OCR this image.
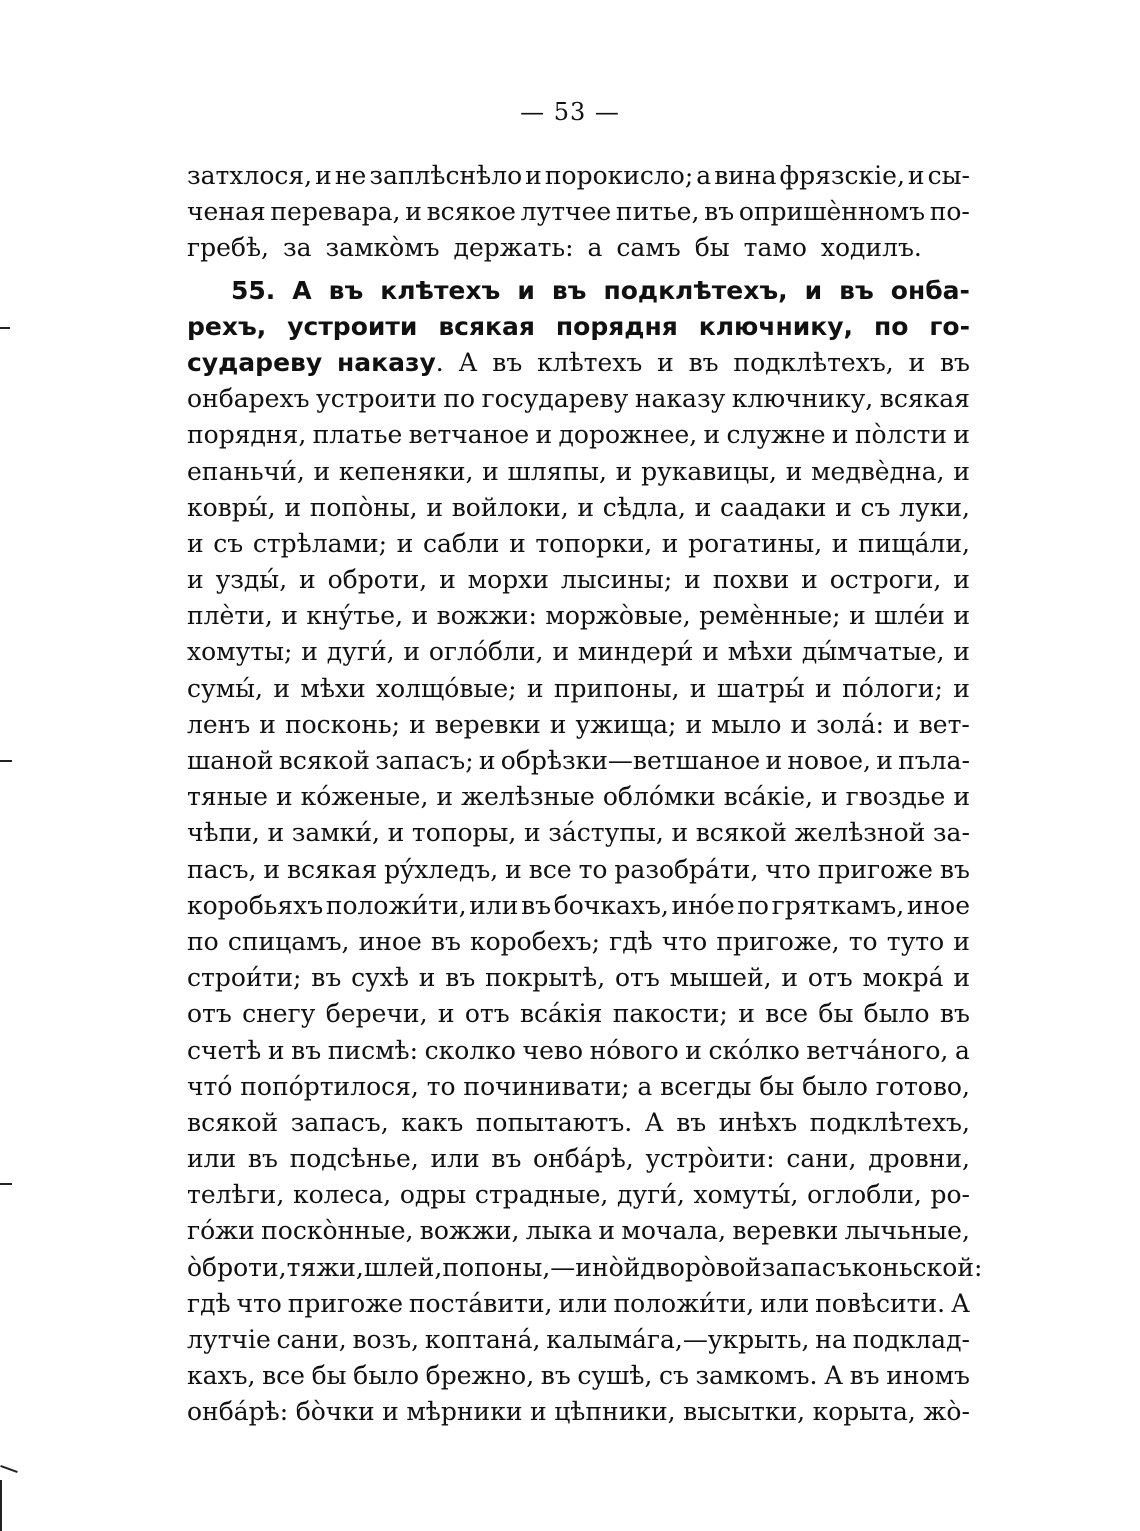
— 53 —
затхлося, и не заплѣснѣло и порокисло; а вина фрязскіе, и сы-
ченая перевара, и всякое лутчее питье, въ опришѐнномъ по-
гребѣ, за замкòмъ держать: а самъ бы тамо ходилъ.
55. А въ клѣтехъ и въ подклѣтехъ, и въ онба-
рехъ, устроити всякая порядня ключнику, по го-
судареву наказу. А въ клѣтехъ и въ подклѣтехъ, и въ
онбарехъ устроити по государеву наказу ключнику, всякая
порядня, платье ветчаное и дорожнее, и служне и пòлсти и
епаньчи́, и кепеняки, и шляпы, и рукавицы, и медвѐдна, и
ковры́, и попòны, и войлоки, и сѣдла, и саадаки и съ луки,
и съ стрѣлами; и сабли и топорки, и рогатины, и пищáли,
и узды́, и оброти, и морхи лысины; и похви и остроги, и
плѐти, и кнýтье, и вожжи: моржòвые, ремѐнные; и шлéи и
хомуты; и дуги́, и оглóбли, и миндери́ и мѣхи ды́мчатые, и
сумы́, и мѣхи холщóвые; и припоны, и шатры́ и пóлоги; и
ленъ и посконь; и веревки и ужища; и мыло и золá: и вет-
шаной всякой запасъ; и обрѣзки—ветшаное и новое, и пъла-
тяные и кóженые, и желѣзные облóмки всáкіе, и гвоздье и
чѣпи, и замки́, и топоры, и зáступы, и всякой желѣзной за-
пасъ, и всякая рýхледъ, и все то разобрáти, что пригоже въ
коробьяхъ положи́ти, или въ бочкахъ, инóе по гряткамъ, иное
по спицамъ, иное въ коробехъ; гдѣ что пригоже, то туто и
строи́ти; въ сухѣ и въ покрытѣ, отъ мышей, и отъ мокрá и
отъ снегу беречи, и отъ всáкія пакости; и все бы было въ
счетѣ и въ писмѣ: сколко чево нóвого и скóлко ветчáного, а
чтó попóртилося, то починивати; а всегды бы было готово,
всякой запасъ, какъ попытаютъ. А въ инѣхъ подклѣтехъ,
или въ подсѣнье, или въ онбáрѣ, устрòити: сани, дровни,
телѣги, колеса, одры страдные, дуги́, хомуты́, оглобли, ро-
гóжи поскòнные, вожжи, лыка и мочала, веревки лычьные,
òброти, тяжи, шлей, попоны,—инòй дворòвой запасъ коньской:
гдѣ что пригоже постáвити, или положи́ти, или повѣсити. А
лутчіе сани, возъ, коптанá, калымáга,—укрыть, на подклад-
кахъ, все бы было брежно, въ сушѣ, съ замкомъ. А въ иномъ
онбáрѣ: бòчки и мѣрники и цѣпники, высытки, корыта, жò-
